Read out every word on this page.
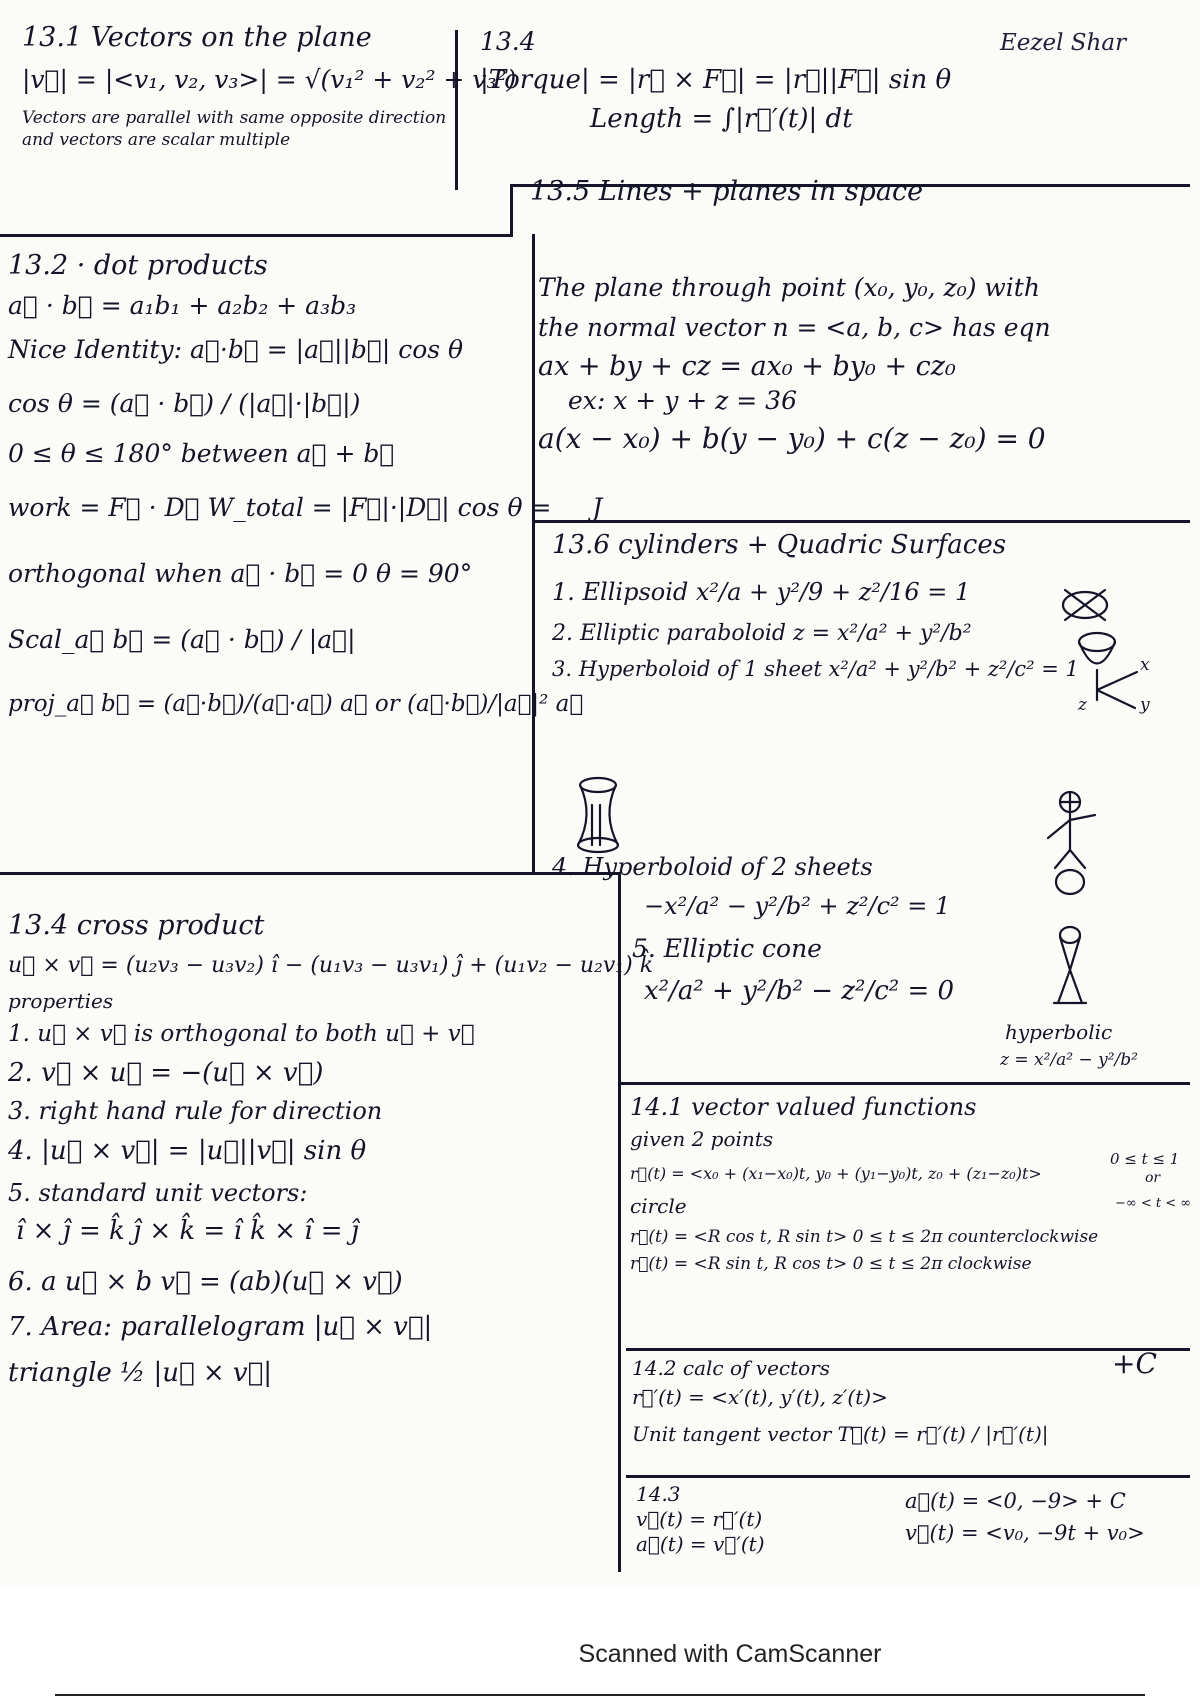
Eezel Shar
13.1 Vectors on the plane
|v⃗| = |<v₁, v₂, v₃>| = √(v₁² + v₂² + v₃²)
Vectors are parallel with same opposite direction
and vectors are scalar multiple
13.4
|Torque| = |r⃗ × F⃗| = |r⃗||F⃗| sin θ
Length = ∫|r⃗′(t)| dt
13.2 · dot products
a⃗ · b⃗ = a₁b₁ + a₂b₂ + a₃b₃
Nice Identity: a⃗·b⃗ = |a⃗||b⃗| cos θ
cos θ = (a⃗ · b⃗) / (|a⃗|·|b⃗|)
0 ≤ θ ≤ 180° between a⃗ + b⃗
work = F⃗ · D⃗ W_total = |F⃗|·|D⃗| cos θ = __ J
orthogonal when a⃗ · b⃗ = 0 θ = 90°
Scal_a⃗ b⃗ = (a⃗ · b⃗) / |a⃗|
proj_a⃗ b⃗ = (a⃗·b⃗)/(a⃗·a⃗) a⃗ or (a⃗·b⃗)/|a⃗|² a⃗
13.5 Lines + planes in space
The plane through point (x₀, y₀, z₀) with
the normal vector n = <a, b, c> has eqn
ax + by + cz = ax₀ + by₀ + cz₀
ex: x + y + z = 36
a(x − x₀) + b(y − y₀) + c(z − z₀) = 0
13.6 cylinders + Quadric Surfaces
1. Ellipsoid x²/a + y²/9 + z²/16 = 1
2. Elliptic paraboloid z = x²/a² + y²/b²
3. Hyperboloid of 1 sheet x²/a² + y²/b² + z²/c² = 1
4. Hyperboloid of 2 sheets
−x²/a² − y²/b² + z²/c² = 1
5. Elliptic cone
x²/a² + y²/b² − z²/c² = 0
hyperbolic
z = x²/a² − y²/b²
x
y
z
13.4 cross product
u⃗ × v⃗ = (u₂v₃ − u₃v₂) î − (u₁v₃ − u₃v₁) ĵ + (u₁v₂ − u₂v₁) k̂
properties
1. u⃗ × v⃗ is orthogonal to both u⃗ + v⃗
2. v⃗ × u⃗ = −(u⃗ × v⃗)
3. right hand rule for direction
4. |u⃗ × v⃗| = |u⃗||v⃗| sin θ
5. standard unit vectors:
î × ĵ = k̂ ĵ × k̂ = î k̂ × î = ĵ
6. a u⃗ × b v⃗ = (ab)(u⃗ × v⃗)
7. Area: parallelogram |u⃗ × v⃗|
triangle ½ |u⃗ × v⃗|
14.1 vector valued functions
given 2 points
r⃗(t) = <x₀ + (x₁−x₀)t, y₀ + (y₁−y₀)t, z₀ + (z₁−z₀)t>
circle
r⃗(t) = <R cos t, R sin t> 0 ≤ t ≤ 2π counterclockwise
r⃗(t) = <R sin t, R cos t> 0 ≤ t ≤ 2π clockwise
0 ≤ t ≤ 1
or
−∞ < t < ∞
14.2 calc of vectors
r⃗′(t) = <x′(t), y′(t), z′(t)>
Unit tangent vector T⃗(t) = r⃗′(t) / |r⃗′(t)|
+C
14.3
v⃗(t) = r⃗′(t)
a⃗(t) = v⃗′(t)
a⃗(t) = <0, −9> + C
v⃗(t) = <v₀, −9t + v₀>
Scanned with CamScanner
